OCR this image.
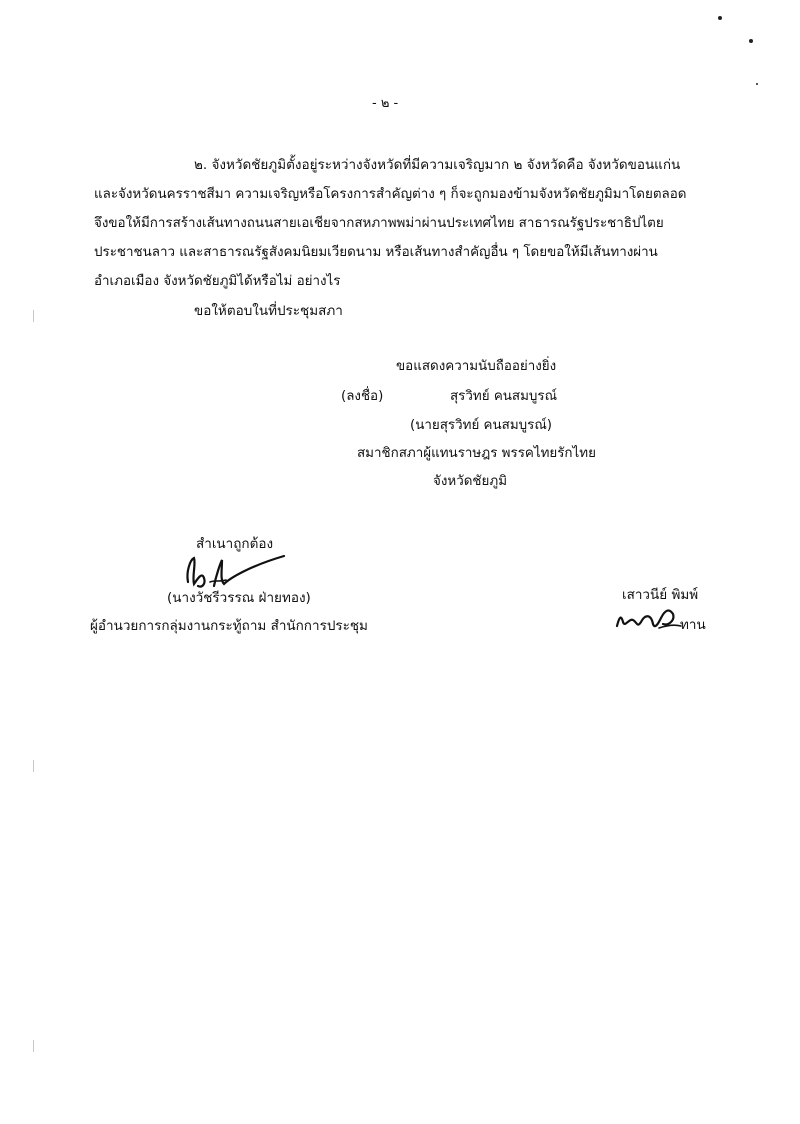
- ๒ -
๒. จังหวัดชัยภูมิตั้งอยู่ระหว่างจังหวัดที่มีความเจริญมาก ๒ จังหวัดคือ จังหวัดขอนแก่น
และจังหวัดนครราชสีมา ความเจริญหรือโครงการสำคัญต่าง ๆ ก็จะถูกมองข้ามจังหวัดชัยภูมิมาโดยตลอด
จึงขอให้มีการสร้างเส้นทางถนนสายเอเชียจากสหภาพพม่าผ่านประเทศไทย สาธารณรัฐประชาธิปไตย
ประชาชนลาว และสาธารณรัฐสังคมนิยมเวียดนาม หรือเส้นทางสำคัญอื่น ๆ โดยขอให้มีเส้นทางผ่าน
อำเภอเมือง จังหวัดชัยภูมิได้หรือไม่ อย่างไร
ขอให้ตอบในที่ประชุมสภา
ขอแสดงความนับถืออย่างยิ่ง
(ลงชื่อ)	สุรวิทย์ คนสมบูรณ์
(นายสุรวิทย์ คนสมบูรณ์)
สมาชิกสภาผู้แทนราษฎร พรรคไทยรักไทย
จังหวัดชัยภูมิ
สำเนาถูกต้อง
(นางวัชรีวรรณ ฝ่ายทอง)
ผู้อำนวยการกลุ่มงานกระทู้ถาม สำนักการประชุม
เสาวนีย์ พิมพ์
ทาน
